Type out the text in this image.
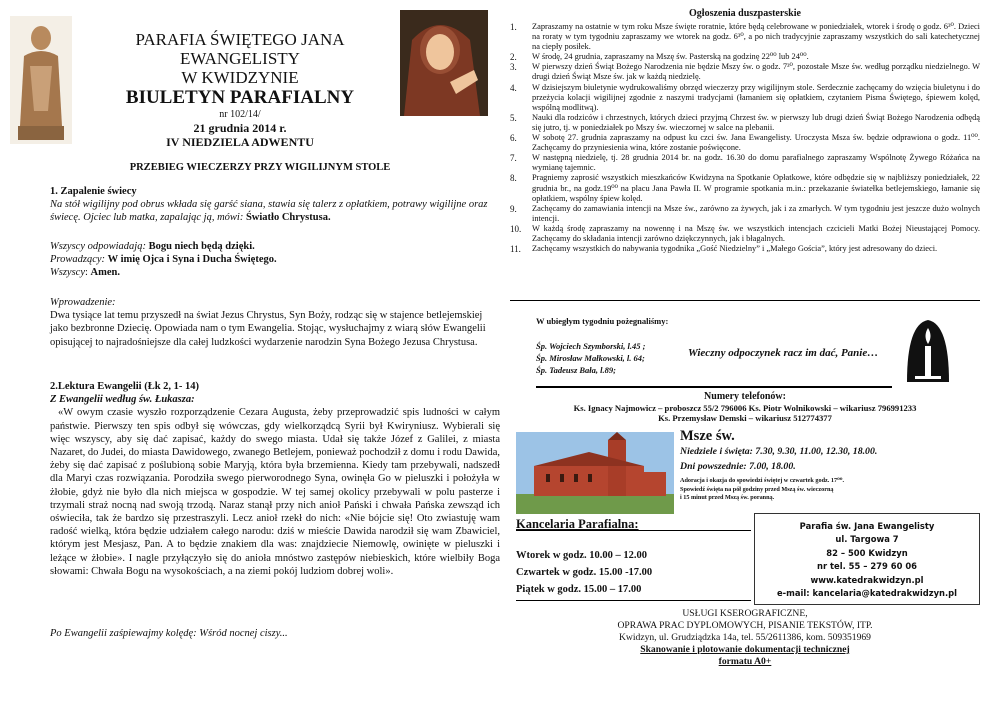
PARAFIA ŚWIĘTEGO JANA EWANGELISTY
W KWIDZYNIE
BIULETYN PARAFIALNY
nr 102/14/
21 grudnia 2014 r.
IV NIEDZIELA ADWENTU
PRZEBIEG WIECZERZY PRZY WIGILIJNYM STOLE

1. Zapalenie świecy

Na stół wigilijny pod obrus wkłada się garść siana, stawia się talerz z opłatkiem, potrawy wigilijne oraz świecę. Ojciec lub matka, zapalając ją, mówi: Światło Chrystusa.

Wszyscy odpowiadają: Bogu niech będą dzięki.

Prowadzący: W imię Ojca i Syna i Ducha Świętego.

Wszyscy: Amen.

Wprowadzenie:

Dwa tysiące lat temu przyszedł na świat Jezus Chrystus, Syn Boży, rodząc się w stajence betlejemskiej jako bezbronne Dziecię. Opowiada nam o tym Ewangelia. Stojąc, wysłuchajmy z wiarą słów Ewangelii opisującej to najradośniejsze dla całej ludzkości wydarzenie narodzin Syna Bożego Jezusa Chrystusa.

2.Lektura Ewangelii (Łk 2, 1- 14)

Z Ewangelii według św. Łukasza:

«W owym czasie wyszło rozporządzenie Cezara Augusta, żeby przeprowadzić spis ludności w całym państwie. Pierwszy ten spis odbył się wówczas, gdy wielkorządcą Syrii był Kwiryniusz. Wybierali się więc wszyscy, aby się dać zapisać, każdy do swego miasta. Udał się także Józef z Galilei, z miasta Nazaret, do Judei, do miasta Dawidowego, zwanego Betlejem, ponieważ pochodził z domu i rodu Dawida, żeby się dać zapisać z poślubioną sobie Maryją, która była brzemienna. Kiedy tam przebywali, nadszedł dla Maryi czas rozwiązania. Porodziła swego pierworodnego Syna, owinęła Go w pieluszki i położyła w żłobie, gdyż nie było dla nich miejsca w gospodzie. W tej samej okolicy przebywali w polu pasterze i trzymali straż nocną nad swoją trzodą. Naraz stanął przy nich anioł Pański i chwała Pańska zewsząd ich oświeciła, tak że bardzo się przestraszyli. Lecz anioł rzekł do nich: «Nie bójcie się! Oto zwiastuję wam radość wielką, która będzie udziałem całego narodu: dziś w mieście Dawida narodził się wam Zbawiciel, którym jest Mesjasz, Pan. A to będzie znakiem dla was: znajdziecie Niemowlę, owinięte w pieluszki i leżące w żłobie». I nagle przyłączyło się do anioła mnóstwo zastępów niebieskich, które wielbiły Boga słowami: Chwała Bogu na wysokościach, a na ziemi pokój ludziom dobrej woli».

Po Ewangelii zaśpiewajmy kolędę: Wśród nocnej ciszy...
Ogłoszenia duszpasterskie
1.	Zapraszamy na ostatnie w tym roku Msze święte roratnie, które będą celebrowane w poniedziałek, wtorek i środę o godz. 6³⁰. Dzieci na roraty w tym tygodniu zapraszamy we wtorek na godz. 6³⁰, a po nich tradycyjnie zapraszamy wszystkich do sali katechetycznej na ciepły posiłek.
2.	W środę, 24 grudnia, zapraszamy na Mszę św. Pasterską na godzinę 22⁰⁰ lub 24⁰⁰.
3.	W pierwszy dzień Świąt Bożego Narodzenia nie będzie Mszy św. o godz. 7³⁰, pozostałe Msze św. według porządku niedzielnego. W drugi dzień Świąt Msze św. jak w każdą niedzielę.
4.	W dzisiejszym biuletynie wydrukowaliśmy obrzęd wieczerzy przy wigilijnym stole. Serdecznie zachęcamy do wzięcia biuletynu i do przeżycia kolacji wigilijnej zgodnie z naszymi tradycjami (łamaniem się opłatkiem, czytaniem Pisma Świętego, śpiewem kolęd, wspólną modlitwą).
5.	Nauki dla rodziców i chrzestnych, których dzieci przyjmą Chrzest św. w pierwszy lub drugi dzień Świąt Bożego Narodzenia odbędą się jutro, tj. w poniedziałek po Mszy św. wieczornej w salce na plebanii.
6.	W sobotę 27. grudnia zapraszamy na odpust ku czci św. Jana Ewangelisty. Uroczysta Msza św. będzie odprawiona o godz. 11⁰⁰. Zachęcamy do przyniesienia wina, które zostanie poświęcone.
7.	W następną niedzielę, tj. 28 grudnia 2014 br. na godz. 16.30 do domu parafialnego zapraszamy Wspólnotę Żywego Różańca na wymianę tajemnic.
8.	Pragniemy zaprosić wszystkich mieszkańców Kwidzyna na Spotkanie Opłatkowe, które odbędzie się w najbliższy poniedziałek, 22 grudnia br., na godz.19⁰⁰ na placu Jana Pawła II. W programie spotkania m.in.: przekazanie światełka betlejemskiego, łamanie się opłatkiem, wspólny śpiew kolęd.
9.	Zachęcamy do zamawiania intencji na Msze św., zarówno za żywych, jak i za zmarłych. W tym tygodniu jest jeszcze dużo wolnych intencji.
10.	W każdą środę zapraszamy na nowennę i na Mszę św. we wszystkich intencjach czcicieli Matki Bożej Nieustającej Pomocy. Zachęcamy do składania intencji zarówno dziękczynnych, jak i błagalnych.
11.	Zachęcamy wszystkich do nabywania tygodnika „Gość Niedzielny” i „Małego Gościa”, który jest adresowany do dzieci.
W ubiegłym tygodniu pożegnaliśmy:
Śp. Wojciech Szymborski, l.45 ;
Śp. Mirosław Małkowski, l. 64;
Śp. Tadeusz Bała, l.89;
Wieczny odpoczynek racz im dać, Panie…
Numery telefonów:
Ks. Ignacy Najmowicz – proboszcz 55/2 796006 Ks. Piotr Wolnikowski – wikariusz 796991233
Ks. Przemysław Demski – wikariusz 512774377
Msze św.
Niedziele i święta: 7.30, 9.30, 11.00, 12.30, 18.00.
Dni powszednie: 7.00, 18.00.
Adoracja i okazja do spowiedzi świętej w czwartek godz. 17⁰⁰.
Spowiedź święta na pół godziny przed Mszą św. wieczorną
i 15 minut przed Mszą św. poranną.
Kancelaria Parafialna:
Wtorek w godz. 10.00 – 12.00
Czwartek w godz. 15.00 -17.00
Piątek w godz. 15.00 – 17.00
Parafia św. Jana Ewangelisty
ul. Targowa 7
82 – 500 Kwidzyn
nr tel. 55 – 279 60 06
www.katedrakwidzyn.pl
e-mail: kancelaria@katedrakwidzyn.pl
USŁUGI KSEROGRAFICZNE,
OPRAWA PRAC DYPLOMOWYCH, PISANIE TEKSTÓW, ITP.
Kwidzyn, ul. Grudziądzka 14a, tel. 55/2611386, kom. 509351969
Skanowanie i plotowanie dokumentacji technicznej
formatu A0+
